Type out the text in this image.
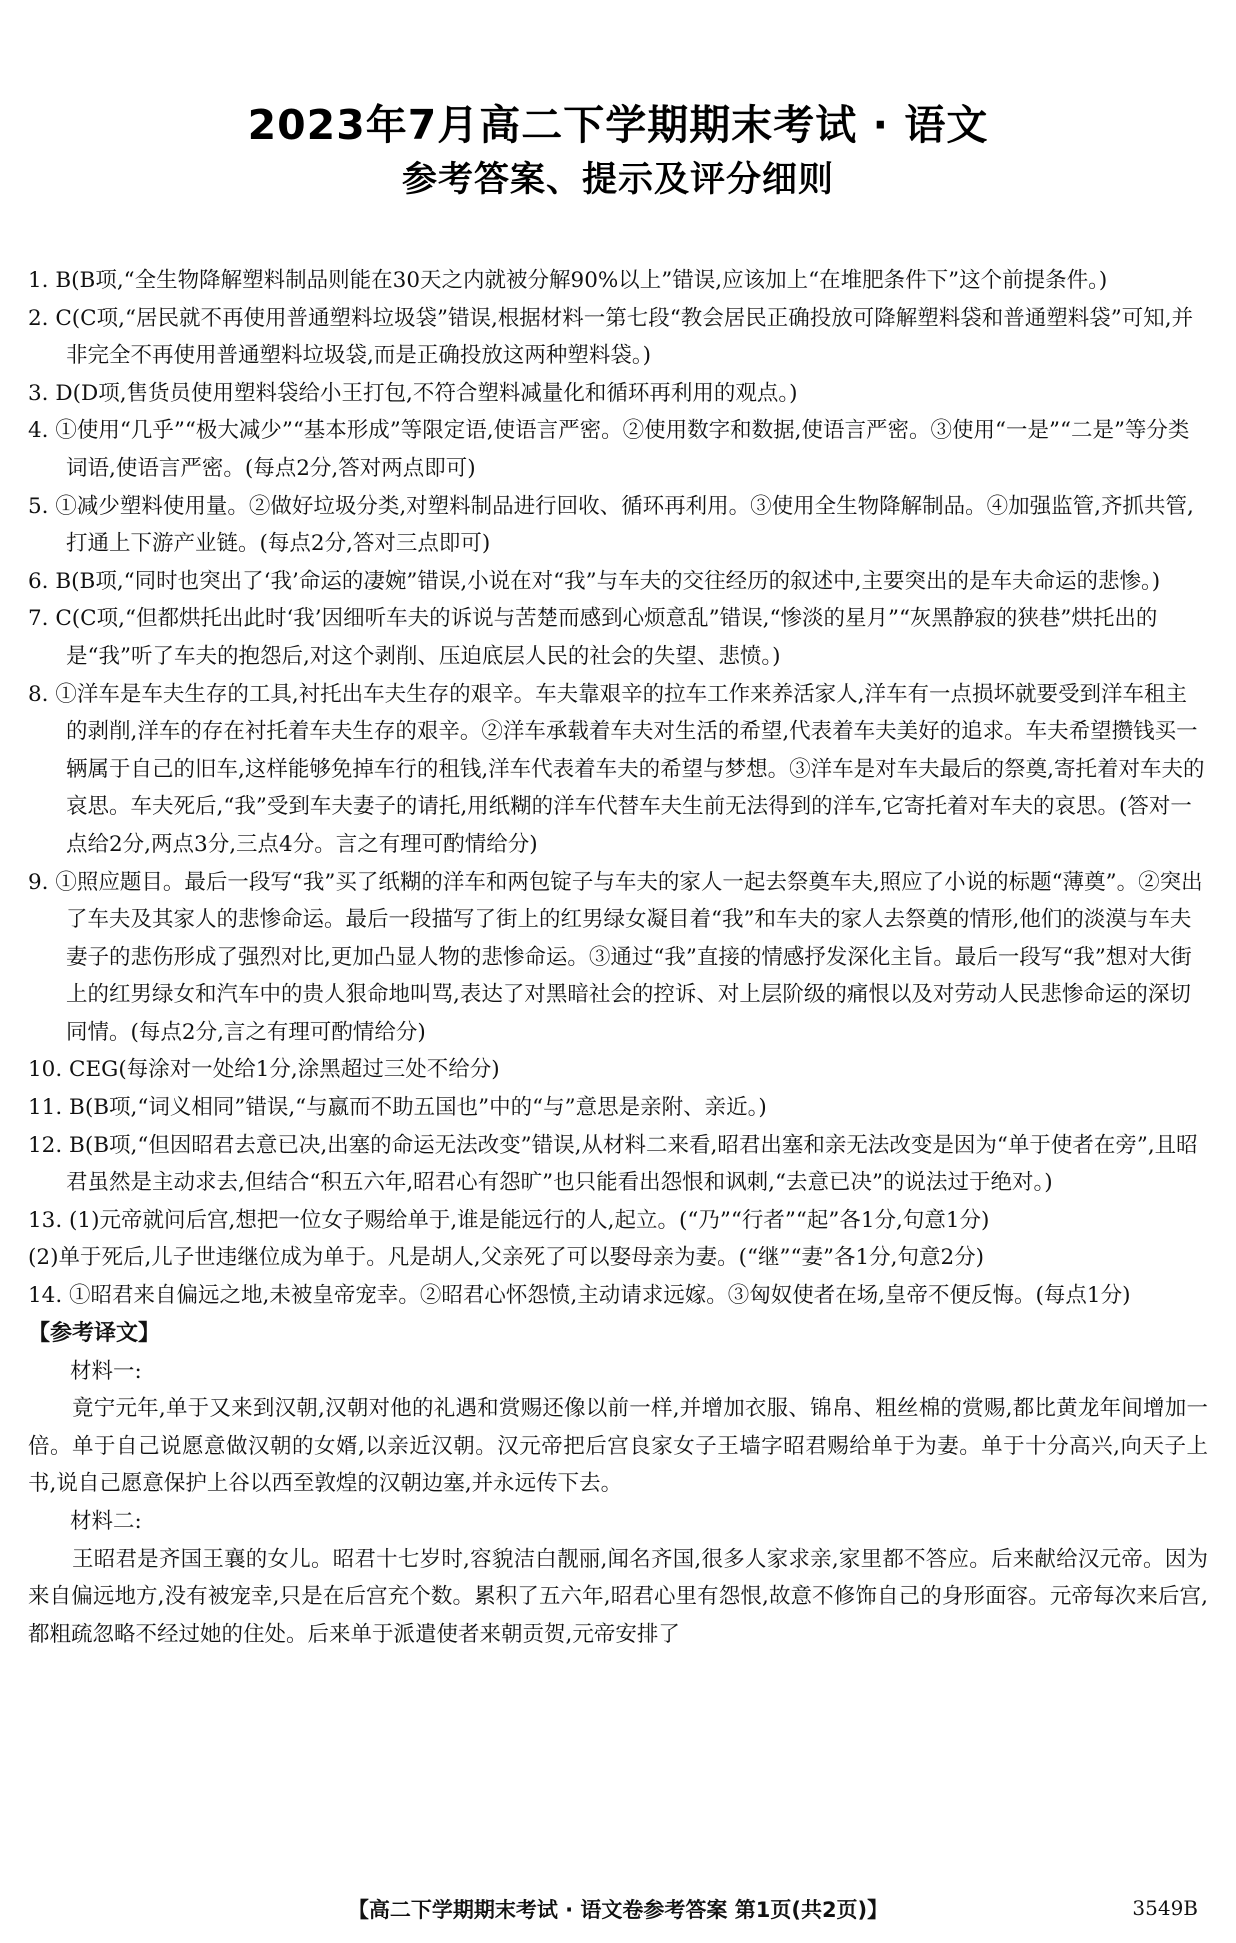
2023年7月高二下学期期末考试 · 语文
参考答案、提示及评分细则

1. B(B项,“全生物降解塑料制品则能在30天之内就被分解90%以上”错误,应该加上“在堆肥条件下”这个前提条件。)

2. C(C项,“居民就不再使用普通塑料垃圾袋”错误,根据材料一第七段“教会居民正确投放可降解塑料袋和普通塑料袋”可知,并非完全不再使用普通塑料垃圾袋,而是正确投放这两种塑料袋。)

3. D(D项,售货员使用塑料袋给小王打包,不符合塑料减量化和循环再利用的观点。)

4. ①使用“几乎”“极大减少”“基本形成”等限定语,使语言严密。②使用数字和数据,使语言严密。③使用“一是”“二是”等分类词语,使语言严密。(每点2分,答对两点即可)

5. ①减少塑料使用量。②做好垃圾分类,对塑料制品进行回收、循环再利用。③使用全生物降解制品。④加强监管,齐抓共管,打通上下游产业链。(每点2分,答对三点即可)

6. B(B项,“同时也突出了‘我’命运的凄婉”错误,小说在对“我”与车夫的交往经历的叙述中,主要突出的是车夫命运的悲惨。)

7. C(C项,“但都烘托出此时‘我’因细听车夫的诉说与苦楚而感到心烦意乱”错误,“惨淡的星月”“灰黑静寂的狭巷”烘托出的是“我”听了车夫的抱怨后,对这个剥削、压迫底层人民的社会的失望、悲愤。)

8. ①洋车是车夫生存的工具,衬托出车夫生存的艰辛。车夫靠艰辛的拉车工作来养活家人,洋车有一点损坏就要受到洋车租主的剥削,洋车的存在衬托着车夫生存的艰辛。②洋车承载着车夫对生活的希望,代表着车夫美好的追求。车夫希望攒钱买一辆属于自己的旧车,这样能够免掉车行的租钱,洋车代表着车夫的希望与梦想。③洋车是对车夫最后的祭奠,寄托着对车夫的哀思。车夫死后,“我”受到车夫妻子的请托,用纸糊的洋车代替车夫生前无法得到的洋车,它寄托着对车夫的哀思。(答对一点给2分,两点3分,三点4分。言之有理可酌情给分)

9. ①照应题目。最后一段写“我”买了纸糊的洋车和两包锭子与车夫的家人一起去祭奠车夫,照应了小说的标题“薄奠”。②突出了车夫及其家人的悲惨命运。最后一段描写了街上的红男绿女凝目着“我”和车夫的家人去祭奠的情形,他们的淡漠与车夫妻子的悲伤形成了强烈对比,更加凸显人物的悲惨命运。③通过“我”直接的情感抒发深化主旨。最后一段写“我”想对大街上的红男绿女和汽车中的贵人狠命地叫骂,表达了对黑暗社会的控诉、对上层阶级的痛恨以及对劳动人民悲惨命运的深切同情。(每点2分,言之有理可酌情给分)

10. CEG(每涂对一处给1分,涂黑超过三处不给分)

11. B(B项,“词义相同”错误,“与嬴而不助五国也”中的“与”意思是亲附、亲近。)

12. B(B项,“但因昭君去意已决,出塞的命运无法改变”错误,从材料二来看,昭君出塞和亲无法改变是因为“单于使者在旁”,且昭君虽然是主动求去,但结合“积五六年,昭君心有怨旷”也只能看出怨恨和讽刺,“去意已决”的说法过于绝对。)

13. (1)元帝就问后宫,想把一位女子赐给单于,谁是能远行的人,起立。(“乃”“行者”“起”各1分,句意1分)
(2)单于死后,儿子世违继位成为单于。凡是胡人,父亲死了可以娶母亲为妻。(“继”“妻”各1分,句意2分)

14. ①昭君来自偏远之地,未被皇帝宠幸。②昭君心怀怨愤,主动请求远嫁。③匈奴使者在场,皇帝不便反悔。(每点1分)

【参考译文】

材料一:

竟宁元年,单于又来到汉朝,汉朝对他的礼遇和赏赐还像以前一样,并增加衣服、锦帛、粗丝棉的赏赐,都比黄龙年间增加一倍。单于自己说愿意做汉朝的女婿,以亲近汉朝。汉元帝把后宫良家女子王墙字昭君赐给单于为妻。单于十分高兴,向天子上书,说自己愿意保护上谷以西至敦煌的汉朝边塞,并永远传下去。

材料二:

王昭君是齐国王襄的女儿。昭君十七岁时,容貌洁白靓丽,闻名齐国,很多人家求亲,家里都不答应。后来献给汉元帝。因为来自偏远地方,没有被宠幸,只是在后宫充个数。累积了五六年,昭君心里有怨恨,故意不修饰自己的身形面容。元帝每次来后宫,都粗疏忽略不经过她的住处。后来单于派遣使者来朝贡贺,元帝安排了

【高二下学期期末考试 · 语文卷参考答案 第1页(共2页)】	3549B
